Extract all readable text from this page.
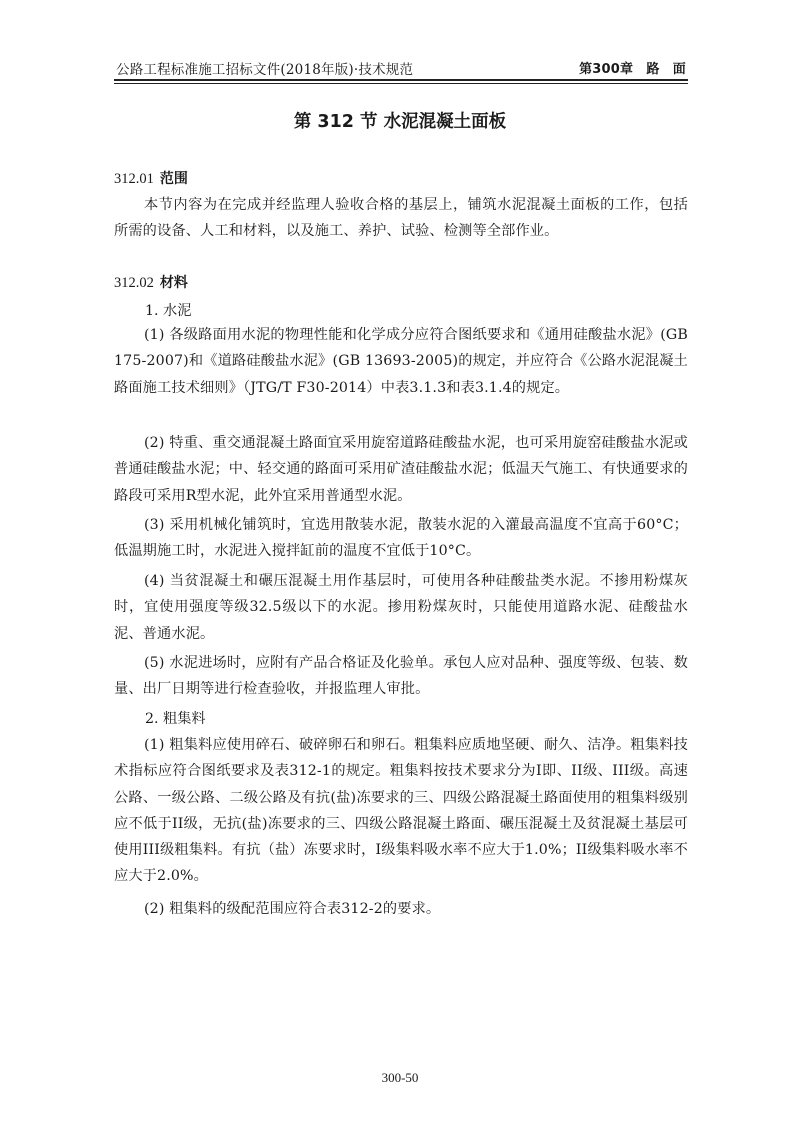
公路工程标准施工招标文件(2018年版)·技术规范	第300章　路　面
第 312 节 水泥混凝土面板
312.01 范围

本节内容为在完成并经监理人验收合格的基层上，铺筑水泥混凝土面板的工作，包括所需的设备、人工和材料，以及施工、养护、试验、检测等全部作业。

312.02 材料
1. 水泥

(1) 各级路面用水泥的物理性能和化学成分应符合图纸要求和《通用硅酸盐水泥》(GB 175-2007)和《道路硅酸盐水泥》(GB 13693-2005)的规定，并应符合《公路水泥混凝土路面施工技术细则》（JTG/T F30-2014）中表3.1.3和表3.1.4的规定。

(2) 特重、重交通混凝土路面宜采用旋窑道路硅酸盐水泥，也可采用旋窑硅酸盐水泥或普通硅酸盐水泥；中、轻交通的路面可采用矿渣硅酸盐水泥；低温天气施工、有快通要求的路段可采用R型水泥，此外宜采用普通型水泥。

(3) 采用机械化铺筑时，宜选用散装水泥，散装水泥的入灌最高温度不宜高于60°C；低温期施工时，水泥进入搅拌缸前的温度不宜低于10°C。

(4) 当贫混凝土和碾压混凝土用作基层时，可使用各种硅酸盐类水泥。不掺用粉煤灰时，宜使用强度等级32.5级以下的水泥。掺用粉煤灰时，只能使用道路水泥、硅酸盐水泥、普通水泥。

(5) 水泥进场时，应附有产品合格证及化验单。承包人应对品种、强度等级、包装、数量、出厂日期等进行检查验收，并报监理人审批。

2. 粗集料

(1) 粗集料应使用碎石、破碎卵石和卵石。粗集料应质地坚硬、耐久、洁净。粗集料技术指标应符合图纸要求及表312-1的规定。粗集料按技术要求分为I即、II级、III级。高速公路、一级公路、二级公路及有抗(盐)冻要求的三、四级公路混凝土路面使用的粗集料级别应不低于II级，无抗(盐)冻要求的三、四级公路混凝土路面、碾压混凝土及贫混凝土基层可使用III级粗集料。有抗（盐）冻要求时，I级集料吸水率不应大于1.0%；II级集料吸水率不应大于2.0%。

(2) 粗集料的级配范围应符合表312-2的要求。

300-50
